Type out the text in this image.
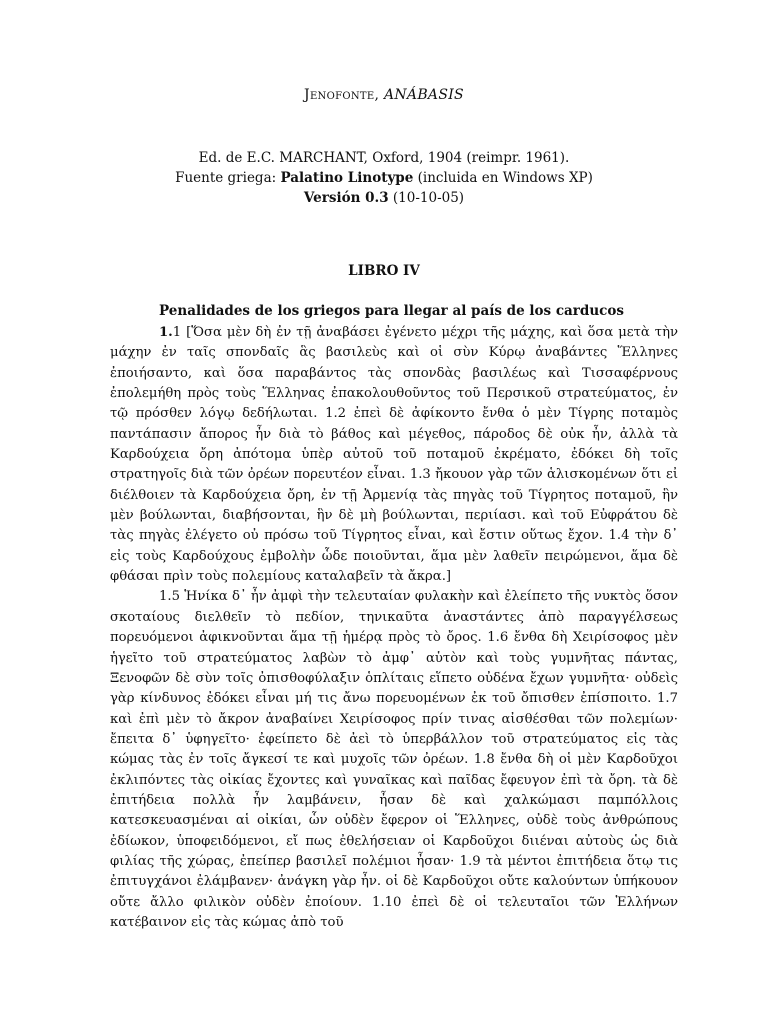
Jenofonte, ANÁBASIS
Ed. de E.C. MARCHANT, Oxford, 1904 (reimpr. 1961).
Fuente griega: Palatino Linotype (incluida en Windows XP)
Versión 0.3 (10-10-05)
LIBRO IV
Penalidades de los griegos para llegar al país de los carducos

1.1 [Ὅσα μὲν δὴ ἐν τῇ ἀναβάσει ἐγένετο μέχρι τῆς μάχης, καὶ ὅσα μετὰ τὴν μάχην ἐν ταῖς σπονδαῖς ἃς βασιλεὺς καὶ οἱ σὺν Κύρῳ ἀναβάντες Ἕλληνες ἐποιήσαντο, καὶ ὅσα παραβάντος τὰς σπονδὰς βασιλέως καὶ Τισσαφέρνους ἐπολεμήθη πρὸς τοὺς Ἕλληνας ἐπακολουθοῦντος τοῦ Περσικοῦ στρατεύματος, ἐν τῷ πρόσθεν λόγῳ δεδήλωται. 1.2 ἐπεὶ δὲ ἀφίκοντο ἔνθα ὁ μὲν Τίγρης ποταμὸς παντάπασιν ἄπορος ἦν διὰ τὸ βάθος καὶ μέγεθος, πάροδος δὲ οὐκ ἦν, ἀλλὰ τὰ Καρδούχεια ὄρη ἀπότομα ὑπὲρ αὐτοῦ τοῦ ποταμοῦ ἐκρέματο, ἐδόκει δὴ τοῖς στρατηγοῖς διὰ τῶν ὀρέων πορευτέον εἶναι. 1.3 ἤκουον γὰρ τῶν ἁλισκομένων ὅτι εἰ διέλθοιεν τὰ Καρδούχεια ὄρη, ἐν τῇ Ἀρμενίᾳ τὰς πηγὰς τοῦ Τίγρητος ποταμοῦ, ἣν μὲν βούλωνται, διαβήσονται, ἣν δὲ μὴ βούλωνται, περιίασι. καὶ τοῦ Εὐφράτου δὲ τὰς πηγὰς ἐλέγετο οὐ πρόσω τοῦ Τίγρητος εἶναι, καὶ ἔστιν οὕτως ἔχον. 1.4 τὴν δ᾽ εἰς τοὺς Καρδούχους ἐμβολὴν ὧδε ποιοῦνται, ἅμα μὲν λαθεῖν πειρώμενοι, ἅμα δὲ φθάσαι πρὶν τοὺς πολεμίους καταλαβεῖν τὰ ἄκρα.]

1.5 Ἡνίκα δ᾽ ἦν ἀμφὶ τὴν τελευταίαν φυλακὴν καὶ ἐλείπετο τῆς νυκτὸς ὅσον σκοταίους διελθεῖν τὸ πεδίον, τηνικαῦτα ἀναστάντες ἀπὸ παραγγέλσεως πορευόμενοι ἀφικνοῦνται ἅμα τῇ ἡμέρᾳ πρὸς τὸ ὄρος. 1.6 ἔνθα δὴ Χειρίσοφος μὲν ἡγεῖτο τοῦ στρατεύματος λαβὼν τὸ ἀμφ᾽ αὑτὸν καὶ τοὺς γυμνῆτας πάντας, Ξενοφῶν δὲ σὺν τοῖς ὀπισθοφύλαξιν ὁπλίταις εἵπετο οὐδένα ἔχων γυμνῆτα· οὐδεὶς γὰρ κίνδυνος ἐδόκει εἶναι μή τις ἄνω πορευομένων ἐκ τοῦ ὄπισθεν ἐπίσποιτο. 1.7 καὶ ἐπὶ μὲν τὸ ἄκρον ἀναβαίνει Χειρίσοφος πρίν τινας αἰσθέσθαι τῶν πολεμίων· ἔπειτα δ᾽ ὑφηγεῖτο· ἐφείπετο δὲ ἀεὶ τὸ ὑπερβάλλον τοῦ στρατεύματος εἰς τὰς κώμας τὰς ἐν τοῖς ἄγκεσί τε καὶ μυχοῖς τῶν ὀρέων. 1.8 ἔνθα δὴ οἱ μὲν Καρδοῦχοι ἐκλιπόντες τὰς οἰκίας ἔχοντες καὶ γυναῖκας καὶ παῖδας ἔφευγον ἐπὶ τὰ ὄρη. τὰ δὲ ἐπιτήδεια πολλὰ ἦν λαμβάνειν, ἦσαν δὲ καὶ χαλκώμασι παμπόλλοις κατεσκευασμέναι αἱ οἰκίαι, ὧν οὐδὲν ἔφερον οἱ Ἕλληνες, οὐδὲ τοὺς ἀνθρώπους ἐδίωκον, ὑποφειδόμενοι, εἴ πως ἐθελήσειαν οἱ Καρδοῦχοι διιέναι αὐτοὺς ὡς διὰ φιλίας τῆς χώρας, ἐπείπερ βασιλεῖ πολέμιοι ἦσαν· 1.9 τὰ μέντοι ἐπιτήδεια ὅτῳ τις ἐπιτυγχάνοι ἐλάμβανεν· ἀνάγκη γὰρ ἦν. οἱ δὲ Καρδοῦχοι οὔτε καλούντων ὑπήκουον οὔτε ἄλλο φιλικὸν οὐδὲν ἐποίουν. 1.10 ἐπεὶ δὲ οἱ τελευταῖοι τῶν Ἑλλήνων κατέβαινον εἰς τὰς κώμας ἀπὸ τοῦ
